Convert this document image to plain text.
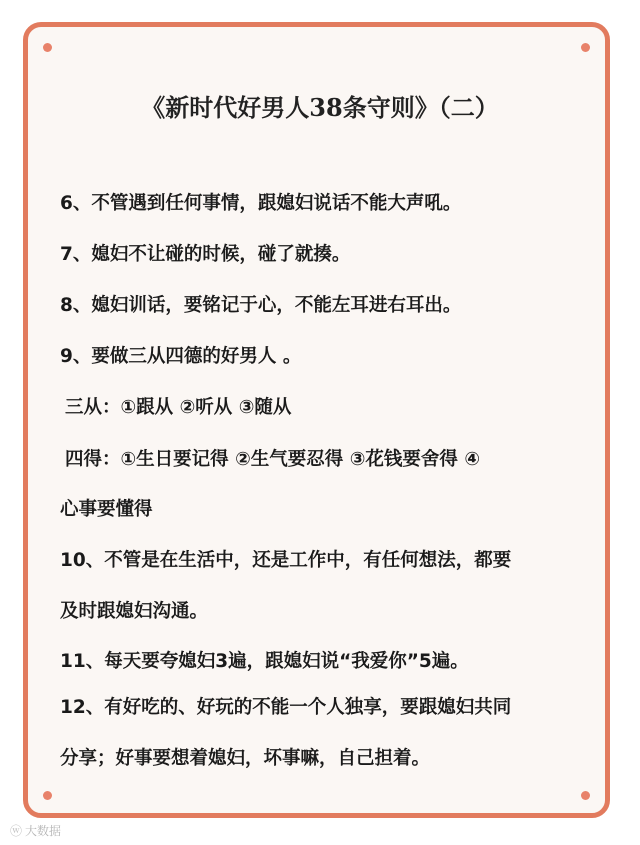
《新时代好男人38条守则》（二）
6、不管遇到任何事情，跟媳妇说话不能大声吼。
7、媳妇不让碰的时候，碰了就揍。
8、媳妇训话，要铭记于心，不能左耳进右耳出。
9、要做三从四德的好男人 。
三从：①跟从 ②听从 ③随从
四得：①生日要记得 ②生气要忍得 ③花钱要舍得 ④
心事要懂得
10、不管是在生活中，还是工作中，有任何想法，都要
及时跟媳妇沟通。
11、每天要夸媳妇3遍，跟媳妇说“我爱你”5遍。
12、有好吃的、好玩的不能一个人独享，要跟媳妇共同
分享；好事要想着媳妇，坏事嘛，自己担着。
ⓦ 大数据
